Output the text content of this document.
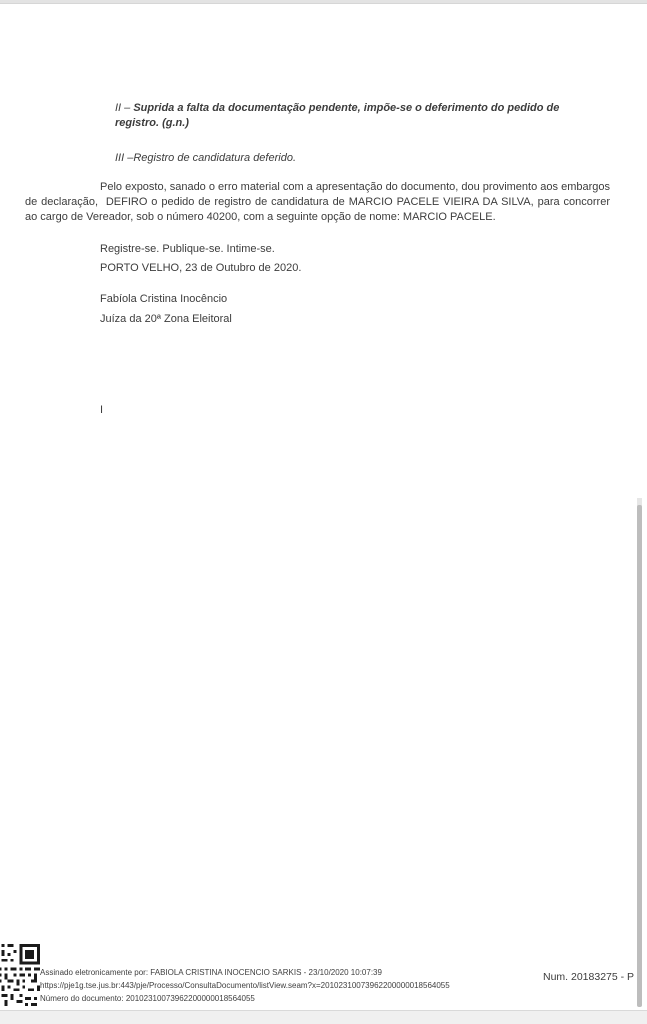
II – Suprida a falta da documentação pendente, impõe-se o deferimento do pedido de registro. (g.n.)
III –Registro de candidatura deferido.
Pelo exposto, sanado o erro material com a apresentação do documento, dou provimento aos embargos de declaração,  DEFIRO o pedido de registro de candidatura de MARCIO PACELE VIEIRA DA SILVA, para concorrer ao cargo de Vereador, sob o número 40200, com a seguinte opção de nome: MARCIO PACELE.
Registre-se. Publique-se. Intime-se.
PORTO VELHO, 23 de Outubro de 2020.
Fabíola Cristina Inocêncio
Juíza da 20ª Zona Eleitoral
I
Assinado eletronicamente por: FABIOLA CRISTINA INOCENCIO SARKIS - 23/10/2020 10:07:39
https://pje1g.tse.jus.br:443/pje/Processo/ConsultaDocumento/listView.seam?x=20102310073962200000018564055
Número do documento: 20102310073962200000018564055
Num. 20183275 - P
